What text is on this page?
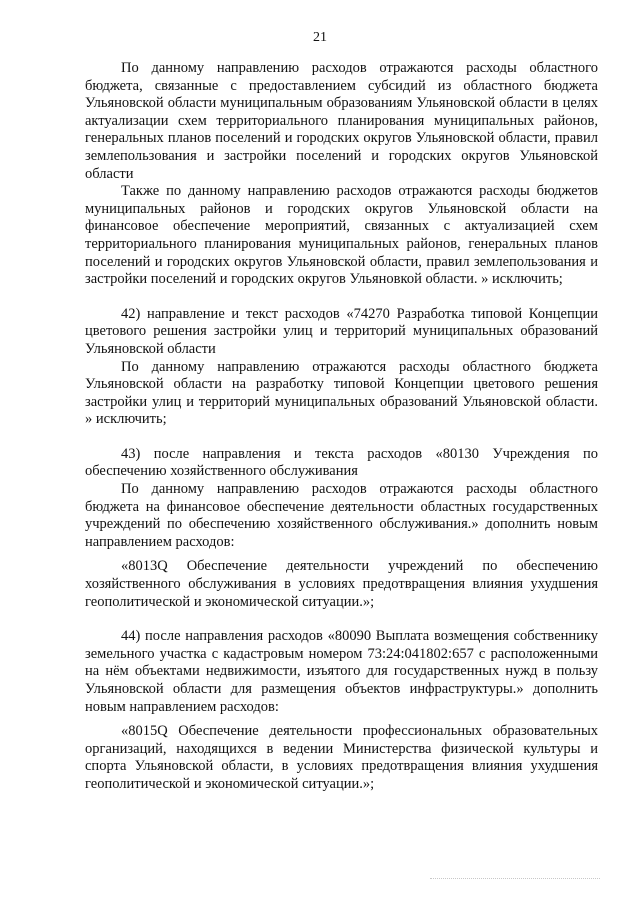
21

По данному направлению расходов отражаются расходы областного бюджета, связанные с предоставлением субсидий из областного бюджета Ульяновской области муниципальным образованиям Ульяновской области в целях актуализации схем территориального планирования муниципальных районов, генеральных планов поселений и городских округов Ульяновской области, правил землепользования и застройки поселений и городских округов Ульяновской области

Также по данному направлению расходов отражаются расходы бюджетов муниципальных районов и городских округов Ульяновской области на финансовое обеспечение мероприятий, связанных с актуализацией схем территориального планирования муниципальных районов, генеральных планов поселений и городских округов Ульяновской области, правил землепользования и застройки поселений и городских округов Ульяновкой области. » исключить;

42) направление и текст расходов «74270 Разработка типовой Концепции цветового решения застройки улиц и территорий муниципальных образований Ульяновской области

По данному направлению отражаются расходы областного бюджета Ульяновской области на разработку типовой Концепции цветового решения застройки улиц и территорий муниципальных образований Ульяновской области. » исключить;

43) после направления и текста расходов «80130 Учреждения по обеспечению хозяйственного обслуживания

По данному направлению расходов отражаются расходы областного бюджета на финансовое обеспечение деятельности областных государственных учреждений по обеспечению хозяйственного обслуживания.» дополнить новым направлением расходов:

«8013Q Обеспечение деятельности учреждений по обеспечению хозяйственного обслуживания в условиях предотвращения влияния ухудшения геополитической и экономической ситуации.»;

44) после направления расходов «80090 Выплата возмещения собственнику земельного участка с кадастровым номером 73:24:041802:657 с расположенными на нём объектами недвижимости, изъятого для государственных нужд в пользу Ульяновской области для размещения объектов инфраструктуры.» дополнить новым направлением расходов:

«8015Q Обеспечение деятельности профессиональных образовательных организаций, находящихся в ведении Министерства физической культуры и спорта Ульяновской области, в условиях предотвращения влияния ухудшения геополитической и экономической ситуации.»;
